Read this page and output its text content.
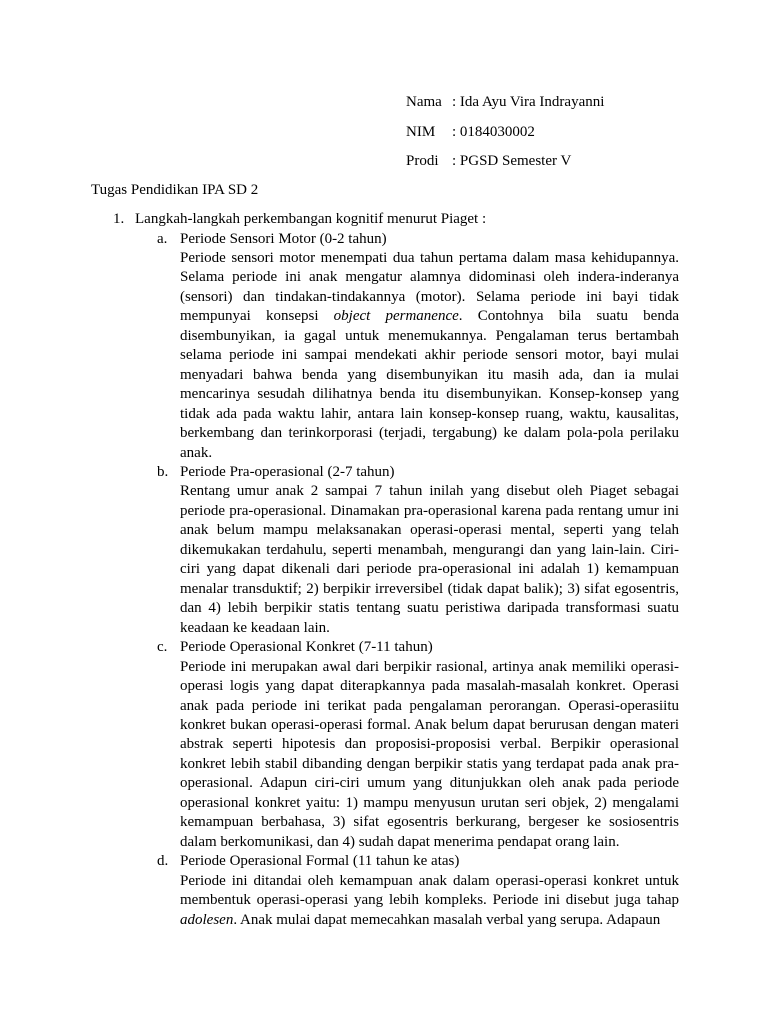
Nama : Ida Ayu Vira Indrayanni
NIM	: 0184030002
Prodi : PGSD Semester V
Tugas Pendidikan IPA SD 2
1. Langkah-langkah perkembangan kognitif menurut Piaget :
a. Periode Sensori Motor (0-2 tahun)

Periode sensori motor menempati dua tahun pertama dalam masa kehidupannya. Selama periode ini anak mengatur alamnya didominasi oleh indera-inderanya (sensori) dan tindakan-tindakannya (motor). Selama periode ini bayi tidak mempunyai konsepsi object permanence. Contohnya bila suatu benda disembunyikan, ia gagal untuk menemukannya. Pengalaman terus bertambah selama periode ini sampai mendekati akhir periode sensori motor, bayi mulai menyadari bahwa benda yang disembunyikan itu masih ada, dan ia mulai mencarinya sesudah dilihatnya benda itu disembunyikan. Konsep-konsep yang tidak ada pada waktu lahir, antara lain konsep-konsep ruang, waktu, kausalitas, berkembang dan terinkorporasi (terjadi, tergabung) ke dalam pola-pola perilaku anak.

b. Periode Pra-operasional (2-7 tahun)

Rentang umur anak 2 sampai 7 tahun inilah yang disebut oleh Piaget sebagai periode pra-operasional. Dinamakan pra-operasional karena pada rentang umur ini anak belum mampu melaksanakan operasi-operasi mental, seperti yang telah dikemukakan terdahulu, seperti menambah, mengurangi dan yang lain-lain. Ciri-ciri yang dapat dikenali dari periode pra-operasional ini adalah 1) kemampuan menalar transduktif; 2) berpikir irreversibel (tidak dapat balik); 3) sifat egosentris, dan 4) lebih berpikir statis tentang suatu peristiwa daripada transformasi suatu keadaan ke keadaan lain.

c. Periode Operasional Konkret (7-11 tahun)

Periode ini merupakan awal dari berpikir rasional, artinya anak memiliki operasi-operasi logis yang dapat diterapkannya pada masalah-masalah konkret. Operasi anak pada periode ini terikat pada pengalaman perorangan. Operasi-operasiitu konkret bukan operasi-operasi formal. Anak belum dapat berurusan dengan materi abstrak seperti hipotesis dan proposisi-proposisi verbal. Berpikir operasional konkret lebih stabil dibanding dengan berpikir statis yang terdapat pada anak pra-operasional. Adapun ciri-ciri umum yang ditunjukkan oleh anak pada periode operasional konkret yaitu: 1) mampu menyusun urutan seri objek, 2) mengalami kemampuan berbahasa, 3) sifat egosentris berkurang, bergeser ke sosiosentris dalam berkomunikasi, dan 4) sudah dapat menerima pendapat orang lain.

d. Periode Operasional Formal (11 tahun ke atas)

Periode ini ditandai oleh kemampuan anak dalam operasi-operasi konkret untuk membentuk operasi-operasi yang lebih kompleks. Periode ini disebut juga tahap adolesen. Anak mulai dapat memecahkan masalah verbal yang serupa. Adapaun
